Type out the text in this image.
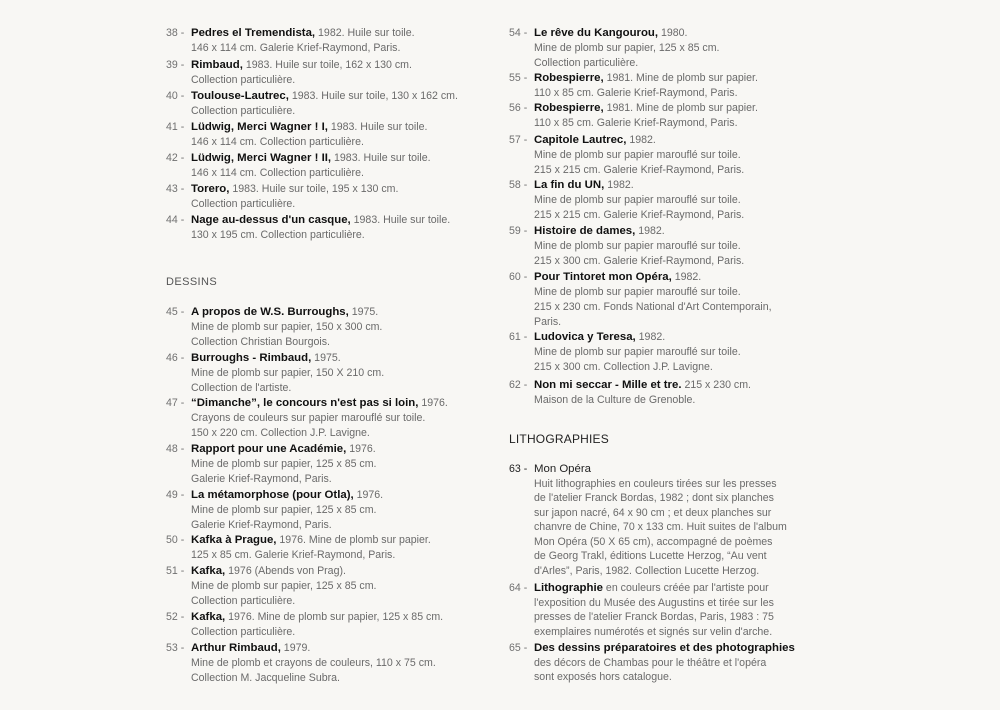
38 - Pedres el Tremendista, 1982. Huile sur toile.
146 x 114 cm. Galerie Krief-Raymond, Paris.
39 - Rimbaud, 1983. Huile sur toile, 162 x 130 cm.
Collection particulière.
40 - Toulouse-Lautrec, 1983. Huile sur toile, 130 x 162 cm.
Collection particulière.
41 - Lüdwig, Merci Wagner ! I, 1983. Huile sur toile.
146 x 114 cm. Collection particulière.
42 - Lüdwig, Merci Wagner ! II, 1983. Huile sur toile.
146 x 114 cm. Collection particulière.
43 - Torero, 1983. Huile sur toile, 195 x 130 cm.
Collection particulière.
44 - Nage au-dessus d'un casque, 1983. Huile sur toile.
130 x 195 cm. Collection particulière.
45 - A propos de W.S. Burroughs, 1975.
Mine de plomb sur papier, 150 x 300 cm.
Collection Christian Bourgois.
46 - Burroughs - Rimbaud, 1975.
Mine de plomb sur papier, 150 X 210 cm.
Collection de l'artiste.
47 - “Dimanche”, le concours n'est pas si loin, 1976.
Crayons de couleurs sur papier marouflé sur toile.
150 x 220 cm. Collection J.P. Lavigne.
48 - Rapport pour une Académie, 1976.
Mine de plomb sur papier, 125 x 85 cm.
Galerie Krief-Raymond, Paris.
49 - La métamorphose (pour Otla), 1976.
Mine de plomb sur papier, 125 x 85 cm.
Galerie Krief-Raymond, Paris.
50 - Kafka à Prague, 1976. Mine de plomb sur papier.
125 x 85 cm. Galerie Krief-Raymond, Paris.
51 - Kafka, 1976 (Abends von Prag).
Mine de plomb sur papier, 125 x 85 cm.
Collection particulière.
52 - Kafka, 1976. Mine de plomb sur papier, 125 x 85 cm.
Collection particulière.
53 - Arthur Rimbaud, 1979.
Mine de plomb et crayons de couleurs, 110 x 75 cm.
Collection M. Jacqueline Subra.
DESSINS
54 - Le rêve du Kangourou, 1980.
Mine de plomb sur papier, 125 x 85 cm.
Collection particulière.
55 - Robespierre, 1981. Mine de plomb sur papier.
110 x 85 cm. Galerie Krief-Raymond, Paris.
56 - Robespierre, 1981. Mine de plomb sur papier.
110 x 85 cm. Galerie Krief-Raymond, Paris.
57 - Capitole Lautrec, 1982.
Mine de plomb sur papier marouflé sur toile.
215 x 215 cm. Galerie Krief-Raymond, Paris.
58 - La fin du UN, 1982.
Mine de plomb sur papier marouflé sur toile.
215 x 215 cm. Galerie Krief-Raymond, Paris.
59 - Histoire de dames, 1982.
Mine de plomb sur papier marouflé sur toile.
215 x 300 cm. Galerie Krief-Raymond, Paris.
60 - Pour Tintoret mon Opéra, 1982.
Mine de plomb sur papier marouflé sur toile.
215 x 230 cm. Fonds National d'Art Contemporain,
Paris.
61 - Ludovica y Teresa, 1982.
Mine de plomb sur papier marouflé sur toile.
215 x 300 cm. Collection J.P. Lavigne.
62 - Non mi seccar - Mille et tre. 215 x 230 cm.
Maison de la Culture de Grenoble.
LITHOGRAPHIES
63 - Mon Opéra
Huit lithographies en couleurs tirées sur les presses
de l'atelier Franck Bordas, 1982 ; dont six planches
sur japon nacré, 64 x 90 cm ; et deux planches sur
chanvre de Chine, 70 x 133 cm. Huit suites de l'album
Mon Opéra (50 X 65 cm), accompagné de poèmes
de Georg Trakl, éditions Lucette Herzog, “Au vent
d'Arles”, Paris, 1982. Collection Lucette Herzog.
64 - Lithographie en couleurs créée par l'artiste pour
l'exposition du Musée des Augustins et tirée sur les
presses de l'atelier Franck Bordas, Paris, 1983 : 75
exemplaires numérotés et signés sur velin d'arche.
65 - Des dessins préparatoires et des photographies
des décors de Chambas pour le théâtre et l'opéra
sont exposés hors catalogue.
